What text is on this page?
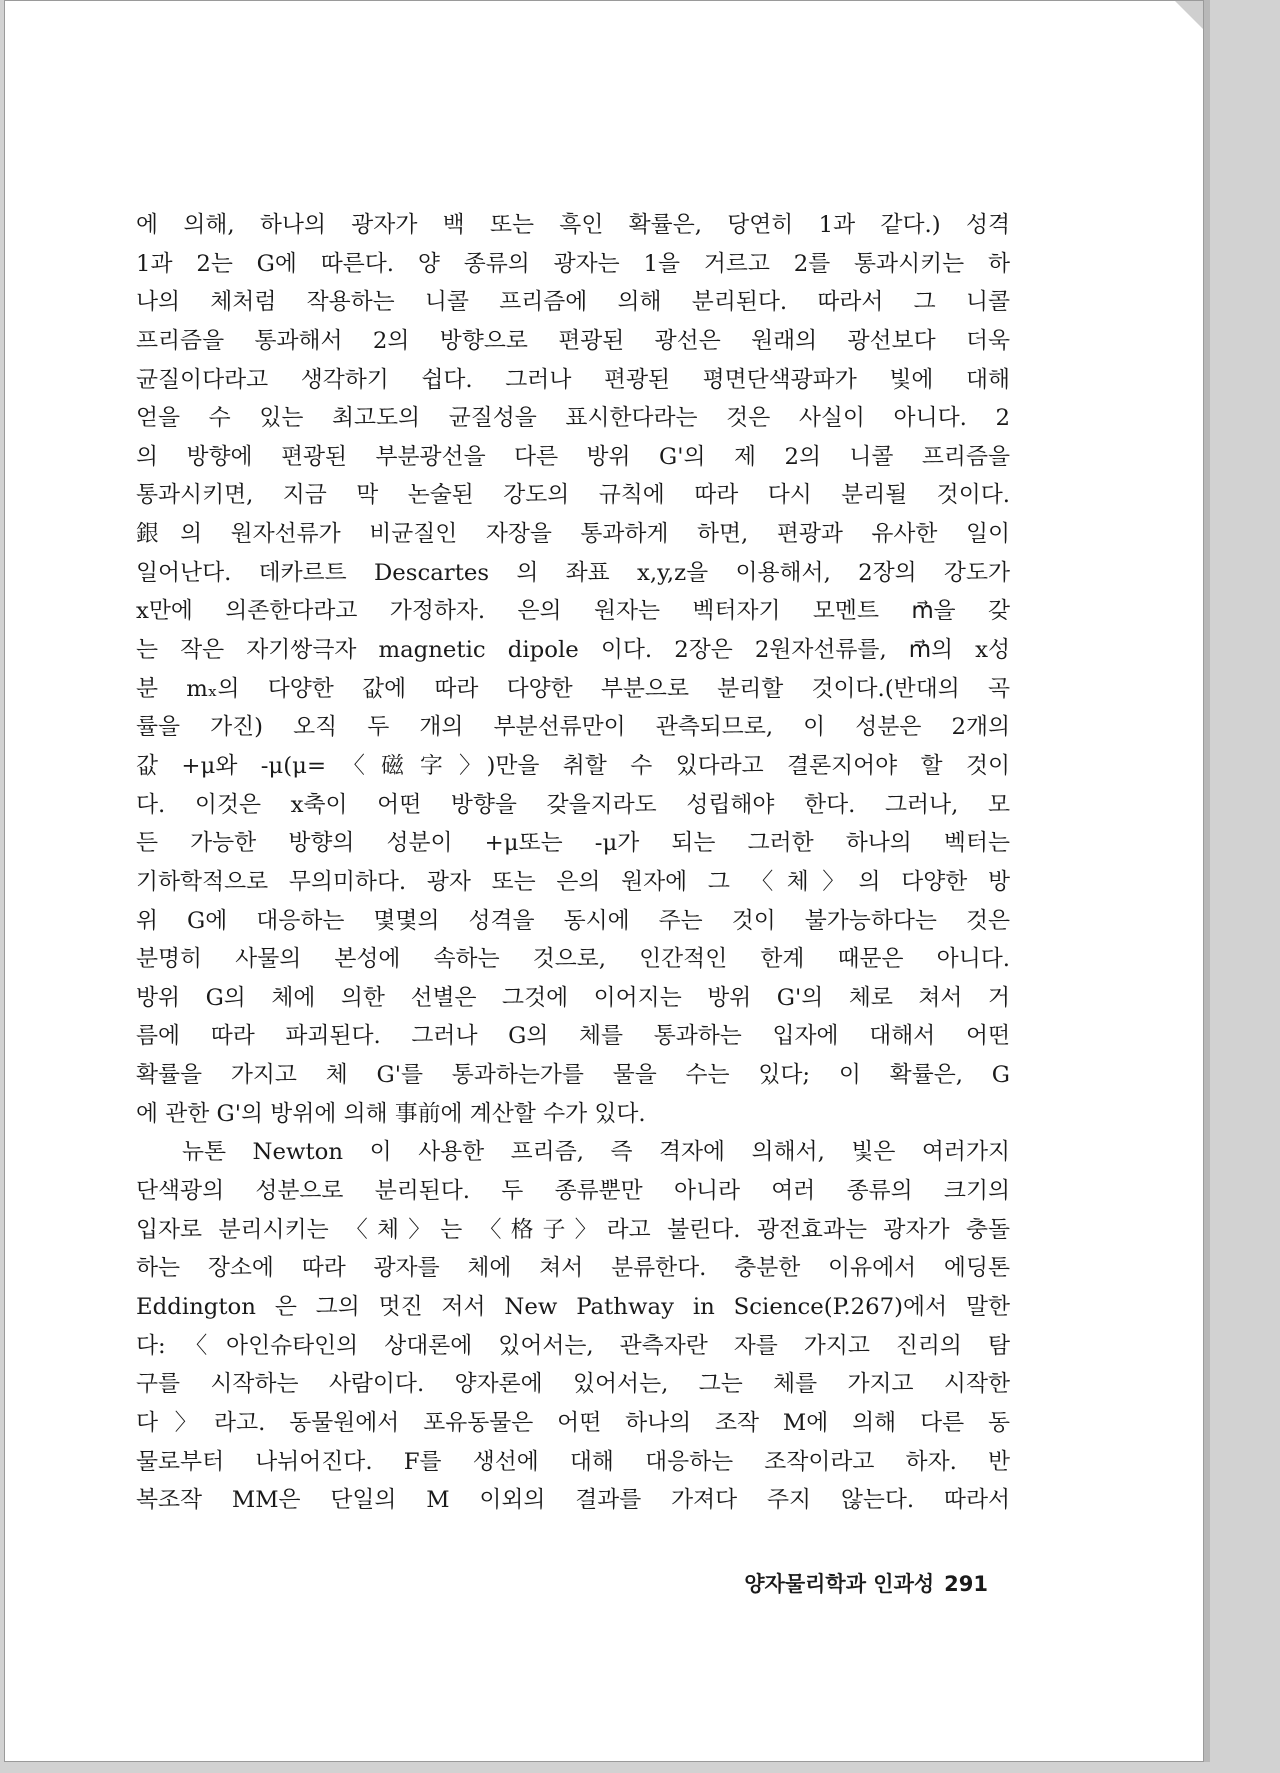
에 의해, 하나의 광자가 백 또는 흑인 확률은, 당연히 1과 같다.) 성격
1과 2는 G에 따른다. 양 종류의 광자는 1을 거르고 2를 통과시키는 하
나의 체처럼 작용하는 니콜 프리즘에 의해 분리된다. 따라서 그 니콜
프리즘을 통과해서 2의 방향으로 편광된 광선은 원래의 광선보다 더욱
균질이다라고 생각하기 쉽다. 그러나 편광된 평면단색광파가 빛에 대해
얻을 수 있는 최고도의 균질성을 표시한다라는 것은 사실이 아니다. 2
의 방향에 편광된 부분광선을 다른 방위 G'의 제 2의 니콜 프리즘을
통과시키면, 지금 막 논술된 강도의 규칙에 따라 다시 분리될 것이다.
銀의 원자선류가 비균질인 자장을 통과하게 하면, 편광과 유사한 일이
일어난다. 데카르트 Descartes 의 좌표 x,y,z을 이용해서, 2장의 강도가
x만에 의존한다라고 가정하자. 은의 원자는 벡터자기 모멘트 m⃗을 갖
는 작은 자기쌍극자 magnetic dipole 이다. 2장은 2원자선류를, m⃗의 x성
분 mₓ의 다양한 값에 따라 다양한 부분으로 분리할 것이다.(반대의 곡
률을 가진) 오직 두 개의 부분선류만이 관측되므로, 이 성분은 2개의
값 +μ와 -μ(μ=〈磁字〉)만을 취할 수 있다라고 결론지어야 할 것이
다. 이것은 x축이 어떤 방향을 갖을지라도 성립해야 한다. 그러나, 모
든 가능한 방향의 성분이 +μ또는 -μ가 되는 그러한 하나의 벡터는
기하학적으로 무의미하다. 광자 또는 은의 원자에 그 〈체〉의 다양한 방
위 G에 대응하는 몇몇의 성격을 동시에 주는 것이 불가능하다는 것은
분명히 사물의 본성에 속하는 것으로, 인간적인 한계 때문은 아니다.
방위 G의 체에 의한 선별은 그것에 이어지는 방위 G'의 체로 쳐서 거
름에 따라 파괴된다. 그러나 G의 체를 통과하는 입자에 대해서 어떤
확률을 가지고 체 G'를 통과하는가를 물을 수는 있다; 이 확률은, G
에 관한 G'의 방위에 의해 事前에 계산할 수가 있다.
뉴톤 Newton 이 사용한 프리즘, 즉 격자에 의해서, 빛은 여러가지
단색광의 성분으로 분리된다. 두 종류뿐만 아니라 여러 종류의 크기의
입자로 분리시키는 〈체〉는 〈格子〉라고 불린다. 광전효과는 광자가 충돌
하는 장소에 따라 광자를 체에 쳐서 분류한다. 충분한 이유에서 에딩톤
Eddington 은 그의 멋진 저서 New Pathway in Science(P.267)에서 말한
다:〈아인슈타인의 상대론에 있어서는, 관측자란 자를 가지고 진리의 탐
구를 시작하는 사람이다. 양자론에 있어서는, 그는 체를 가지고 시작한
다〉라고. 동물원에서 포유동물은 어떤 하나의 조작 M에 의해 다른 동
물로부터 나뉘어진다. F를 생선에 대해 대응하는 조작이라고 하자. 반
복조작 MM은 단일의 M 이외의 결과를 가져다 주지 않는다. 따라서
양자물리학과 인과성 291
